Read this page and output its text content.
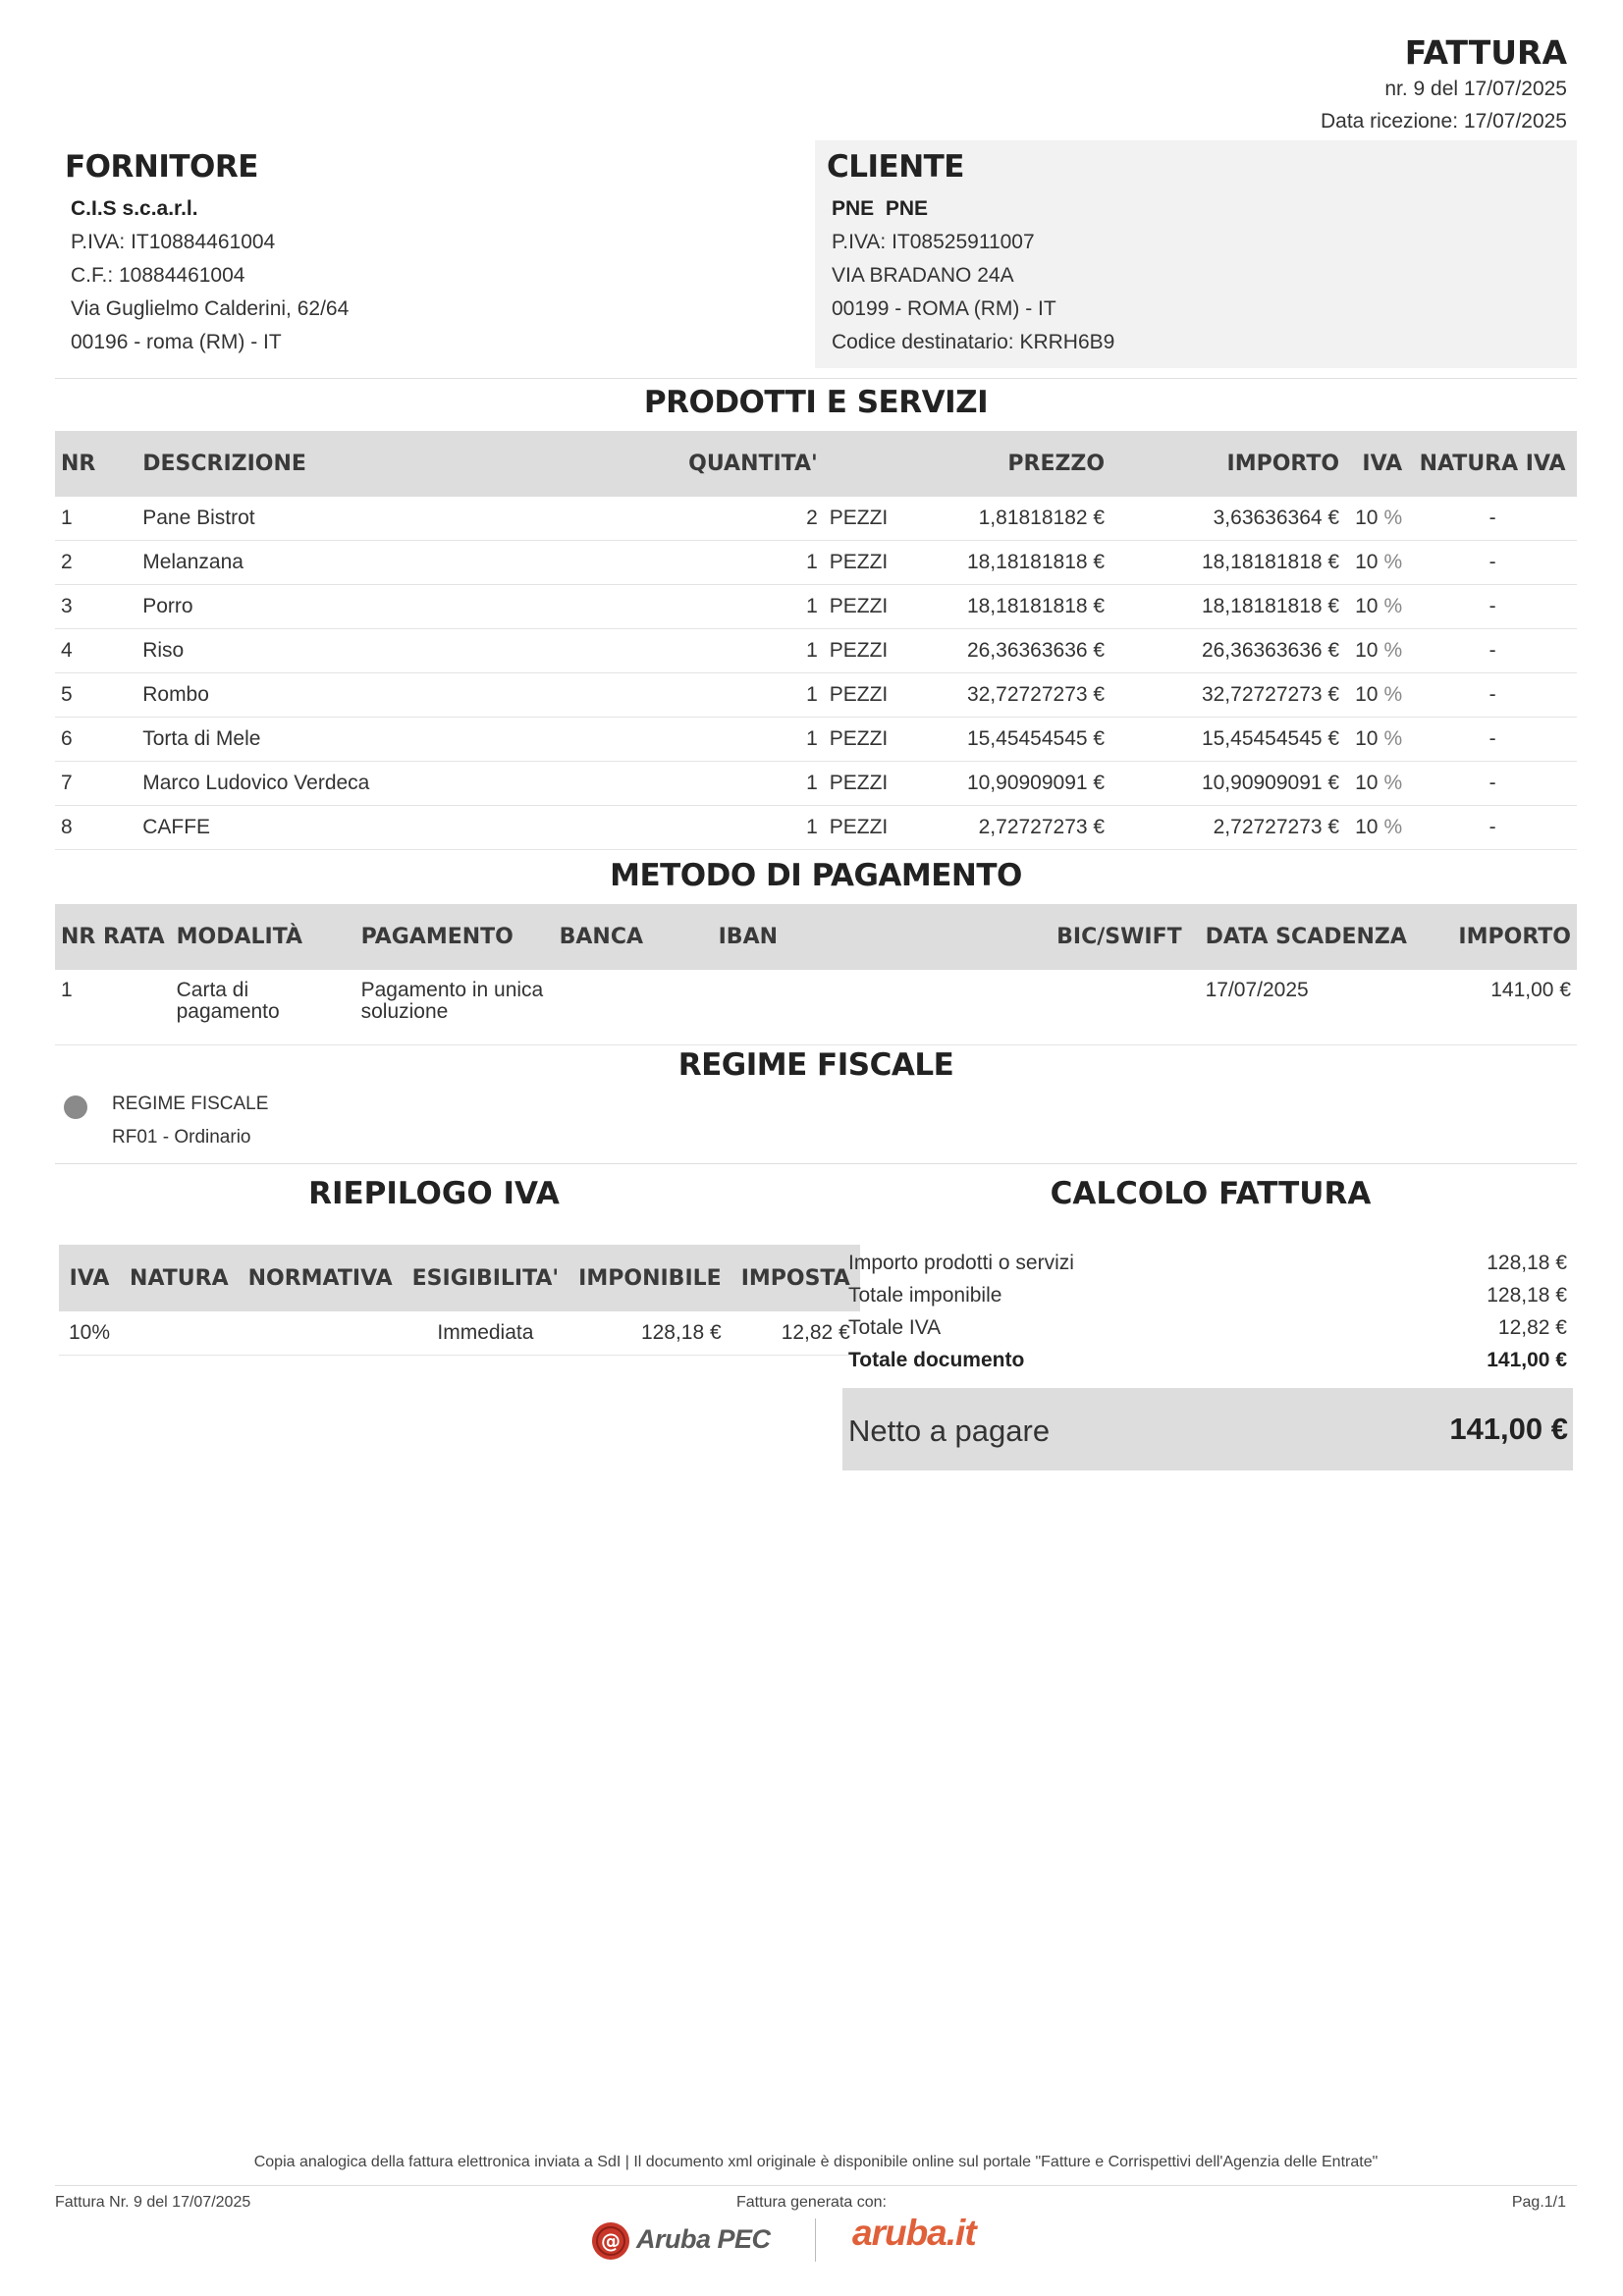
FATTURA
nr. 9 del 17/07/2025
Data ricezione: 17/07/2025
FORNITORE
C.I.S s.c.a.r.l.
P.IVA: IT10884461004
C.F.: 10884461004
Via Guglielmo Calderini, 62/64
00196 - roma (RM) - IT
CLIENTE
PNE  PNE
P.IVA: IT08525911007
VIA BRADANO 24A
00199 - ROMA (RM) - IT
Codice destinatario: KRRH6B9
PRODOTTI E SERVIZI
NR	DESCRIZIONE	QUANTITA'		PREZZO	IMPORTO	IVA	NATURA IVA
1	Pane Bistrot	2	PEZZI	1,81818182 €	3,63636364 €	10 %	-
2	Melanzana	1	PEZZI	18,18181818 €	18,18181818 €	10 %	-
3	Porro	1	PEZZI	18,18181818 €	18,18181818 €	10 %	-
4	Riso	1	PEZZI	26,36363636 €	26,36363636 €	10 %	-
5	Rombo	1	PEZZI	32,72727273 €	32,72727273 €	10 %	-
6	Torta di Mele	1	PEZZI	15,45454545 €	15,45454545 €	10 %	-
7	Marco Ludovico Verdeca	1	PEZZI	10,90909091 €	10,90909091 €	10 %	-
8	CAFFE	1	PEZZI	2,72727273 €	2,72727273 €	10 %	-
METODO DI PAGAMENTO
NR RATA	MODALITÀ	PAGAMENTO	BANCA	IBAN	BIC/SWIFT	DATA SCADENZA	IMPORTO
1	Carta di pagamento	Pagamento in unica soluzione				17/07/2025	141,00 €
REGIME FISCALE
REGIME FISCALE
RF01 - Ordinario
RIEPILOGO IVA
IVA	NATURA	NORMATIVA	ESIGIBILITA'	IMPONIBILE	IMPOSTA
10%			Immediata	128,18 €	12,82 €
CALCOLO FATTURA
Importo prodotti o servizi	128,18 €
Totale imponibile	128,18 €
Totale IVA	12,82 €
Totale documento	141,00 €
Netto a pagare	141,00 €
Copia analogica della fattura elettronica inviata a SdI | Il documento xml originale è disponibile online sul portale "Fatture e Corrispettivi dell'Agenzia delle Entrate"
Fattura Nr. 9 del 17/07/2025	Fattura generata con:	Pag.1/1
@ Aruba PEC aruba.it
